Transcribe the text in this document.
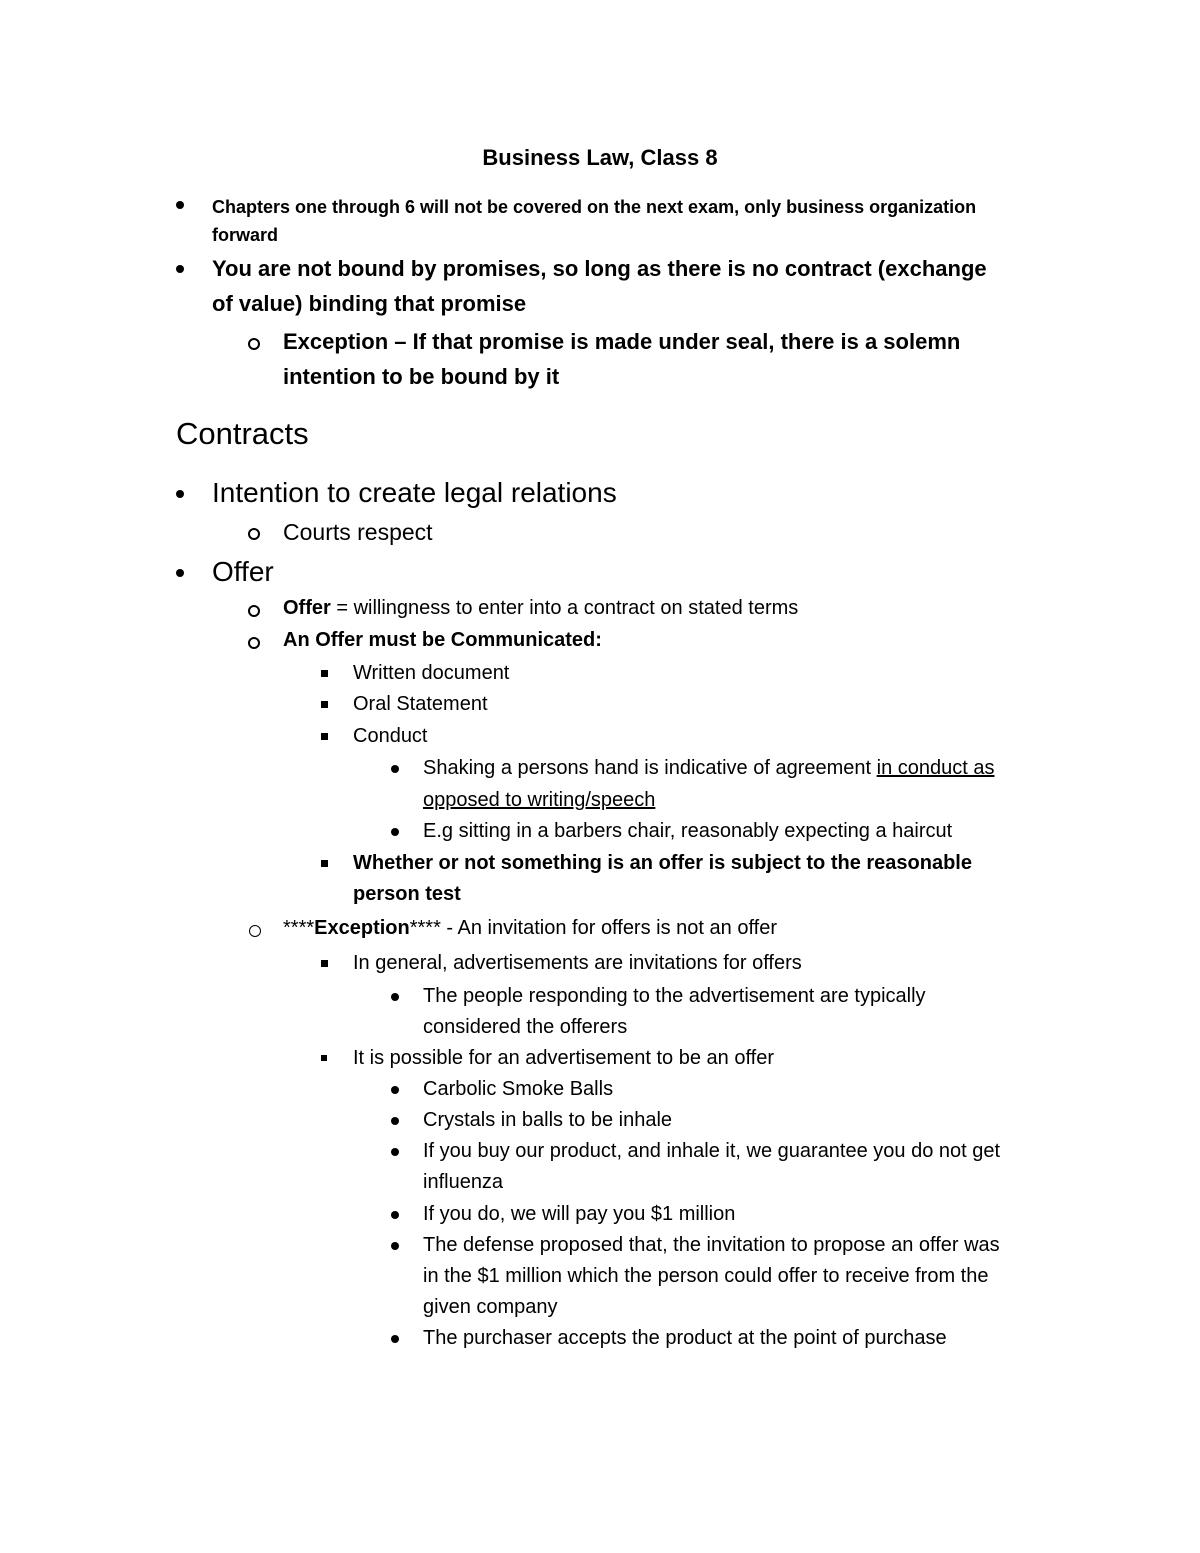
Business Law, Class 8
Chapters one through 6 will not be covered on the next exam, only business organization
forward
You are not bound by promises, so long as there is no contract (exchange
of value) binding that promise
Exception – If that promise is made under seal, there is a solemn
intention to be bound by it
Contracts
Intention to create legal relations
Courts respect
Offer
Offer = willingness to enter into a contract on stated terms
An Offer must be Communicated:
Written document
Oral Statement
Conduct
Shaking a persons hand is indicative of agreement in conduct as
opposed to writing/speech
E.g sitting in a barbers chair, reasonably expecting a haircut
Whether or not something is an offer is subject to the reasonable
person test
****Exception**** - An invitation for offers is not an offer
In general, advertisements are invitations for offers
The people responding to the advertisement are typically
considered the offerers
It is possible for an advertisement to be an offer
Carbolic Smoke Balls
Crystals in balls to be inhale
If you buy our product, and inhale it, we guarantee you do not get
influenza
If you do, we will pay you $1 million
The defense proposed that, the invitation to propose an offer was
in the $1 million which the person could offer to receive from the
given company
The purchaser accepts the product at the point of purchase
